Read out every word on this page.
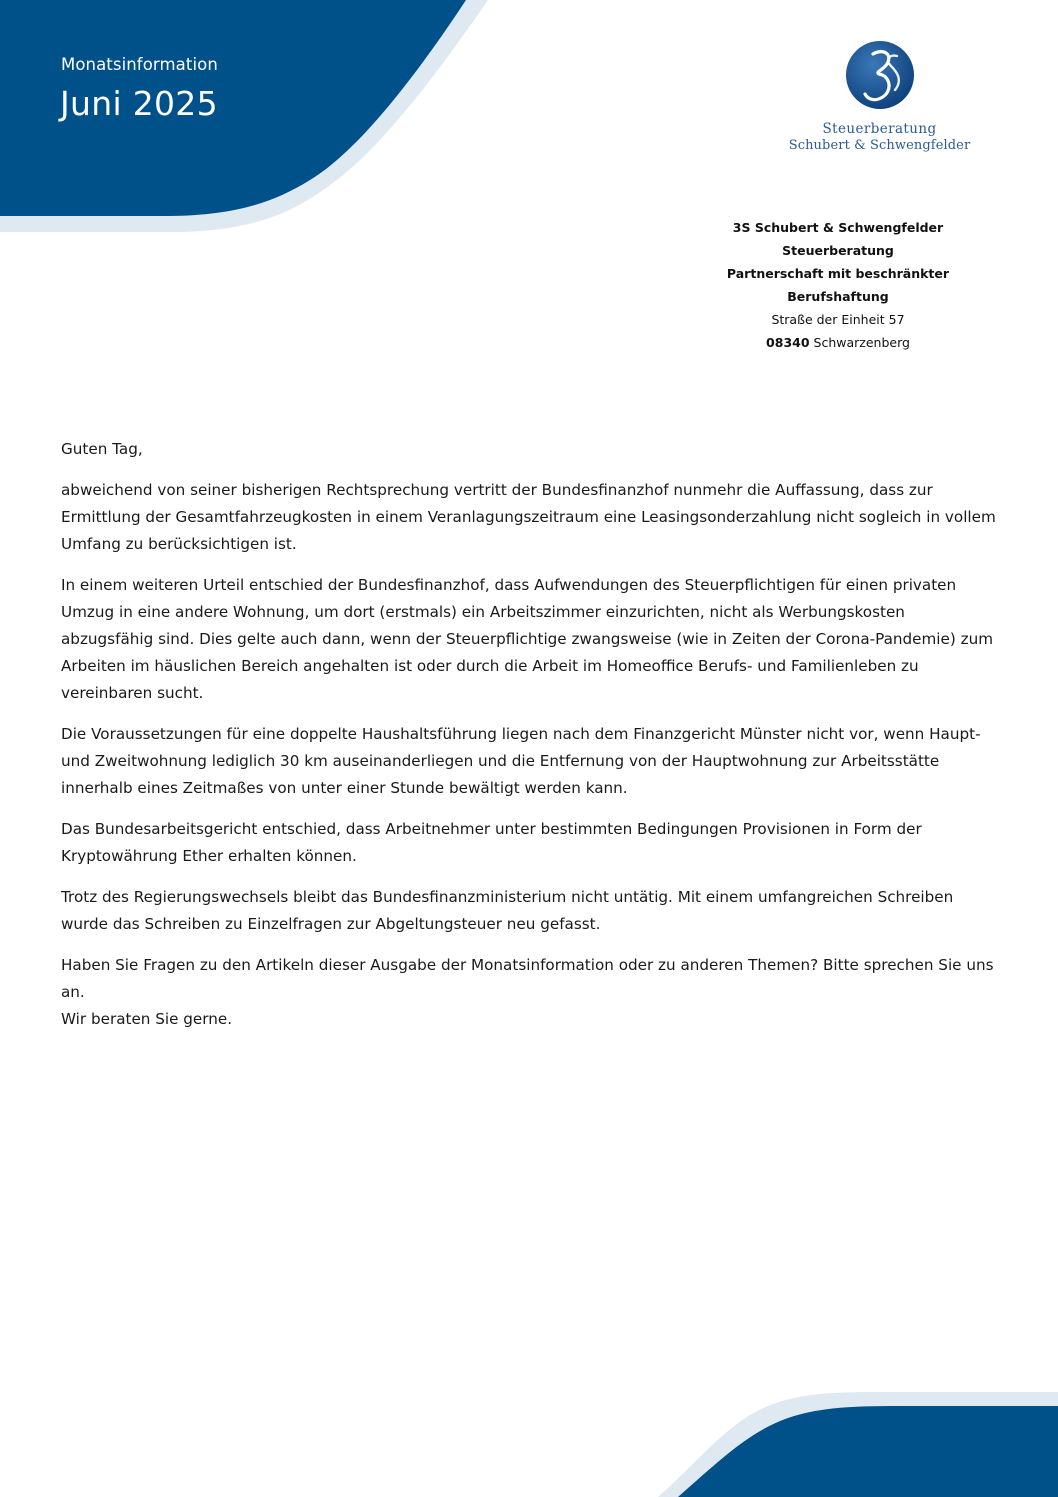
Monatsinformation
Juni 2025
3S
Steuerberatung
Schubert & Schwengfelder
3S Schubert & Schwengfelder
Steuerberatung
Partnerschaft mit beschränkter Berufshaftung
Straße der Einheit 57
08340 Schwarzenberg

Guten Tag,

abweichend von seiner bisherigen Rechtsprechung vertritt der Bundesfinanzhof nunmehr die Auffassung, dass zur Ermittlung der Gesamtfahrzeugkosten in einem Veranlagungszeitraum eine Leasingsonderzahlung nicht sogleich in vollem Umfang zu berücksichtigen ist.

In einem weiteren Urteil entschied der Bundesfinanzhof, dass Aufwendungen des Steuerpflichtigen für einen privaten Umzug in eine andere Wohnung, um dort (erstmals) ein Arbeitszimmer einzurichten, nicht als Werbungskosten abzugsfähig sind. Dies gelte auch dann, wenn der Steuerpflichtige zwangsweise (wie in Zeiten der Corona-Pandemie) zum Arbeiten im häuslichen Bereich angehalten ist oder durch die Arbeit im Homeoffice Berufs- und Familienleben zu vereinbaren sucht.

Die Voraussetzungen für eine doppelte Haushaltsführung liegen nach dem Finanzgericht Münster nicht vor, wenn Haupt- und Zweitwohnung lediglich 30 km auseinanderliegen und die Entfernung von der Hauptwohnung zur Arbeitsstätte innerhalb eines Zeitmaßes von unter einer Stunde bewältigt werden kann.

Das Bundesarbeitsgericht entschied, dass Arbeitnehmer unter bestimmten Bedingungen Provisionen in Form der Kryptowährung Ether erhalten können.

Trotz des Regierungswechsels bleibt das Bundesfinanzministerium nicht untätig. Mit einem umfangreichen Schreiben wurde das Schreiben zu Einzelfragen zur Abgeltungsteuer neu gefasst.

Haben Sie Fragen zu den Artikeln dieser Ausgabe der Monatsinformation oder zu anderen Themen? Bitte sprechen Sie uns an.

Wir beraten Sie gerne.
